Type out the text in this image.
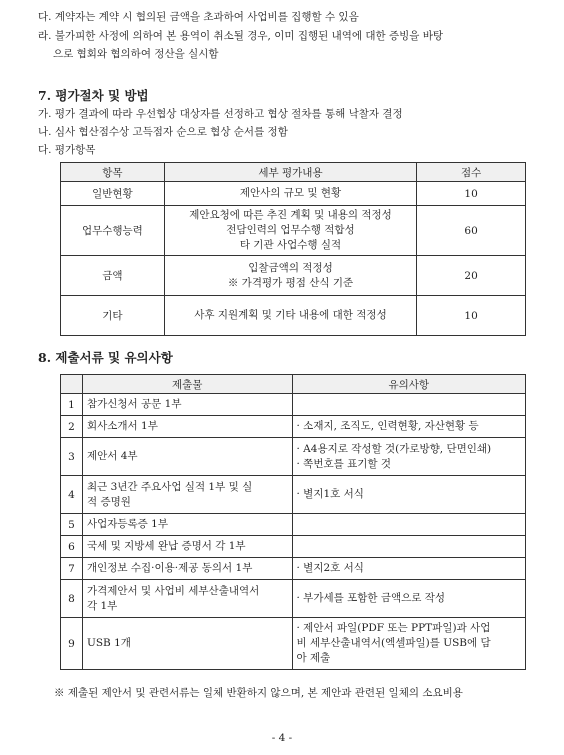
다. 계약자는 계약 시 협의된 금액을 초과하여 사업비를 집행할 수 있음
라. 불가피한 사정에 의하여 본 용역이 취소될 경우, 이미 집행된 내역에 대한 증빙을 바탕
으로 협회와 협의하여 정산을 실시함
7. 평가절차 및 방법
가. 평가 결과에 따라 우선협상 대상자를 선정하고 협상 절차를 통해 낙찰자 결정
나. 심사 협산점수상 고득점자 순으로 협상 순서를 정함
다. 평가항목
항목	세부 평가내용	점수
일반현황	제안사의 규모 및 현황	10
업무수행능력	제안요청에 따른 추진 계획 및 내용의 적정성
전담인력의 업무수행 적합성
타 기관 사업수행 실적	60
금액	입찰금액의 적정성
※ 가격평가 평점 산식 기준	20
기타	사후 지원계획 및 기타 내용에 대한 적정성	10
8. 제출서류 및 유의사항
	제출물	유의사항
1	참가신청서 공문 1부	

2	회사소개서 1부	· 소재지, 조직도, 인력현황, 자산현황 등

3	제안서 4부	· A4용지로 작성할 것(가로방향, 단면인쇄)
· 쪽번호를 표기할 것

4	최근 3년간 주요사업 실적 1부 및 실
적 증명원	· 별지1호 서식

5	사업자등록증 1부	

6	국세 및 지방세 완납 증명서 각 1부	

7	개인정보 수집·이용·제공 동의서 1부	· 별지2호 서식

8	가격제안서 및 사업비 세부산출내역서
각 1부	· 부가세를 포함한 금액으로 작성

9	USB 1개	· 제안서 파일(PDF 또는 PPT파일)과 사업
비 세부산출내역서(엑셀파일)를 USB에 담
아 제출
※ 제출된 제안서 및 관련서류는 일체 반환하지 않으며, 본 제안과 관련된 일체의 소요비용
- 4 -
